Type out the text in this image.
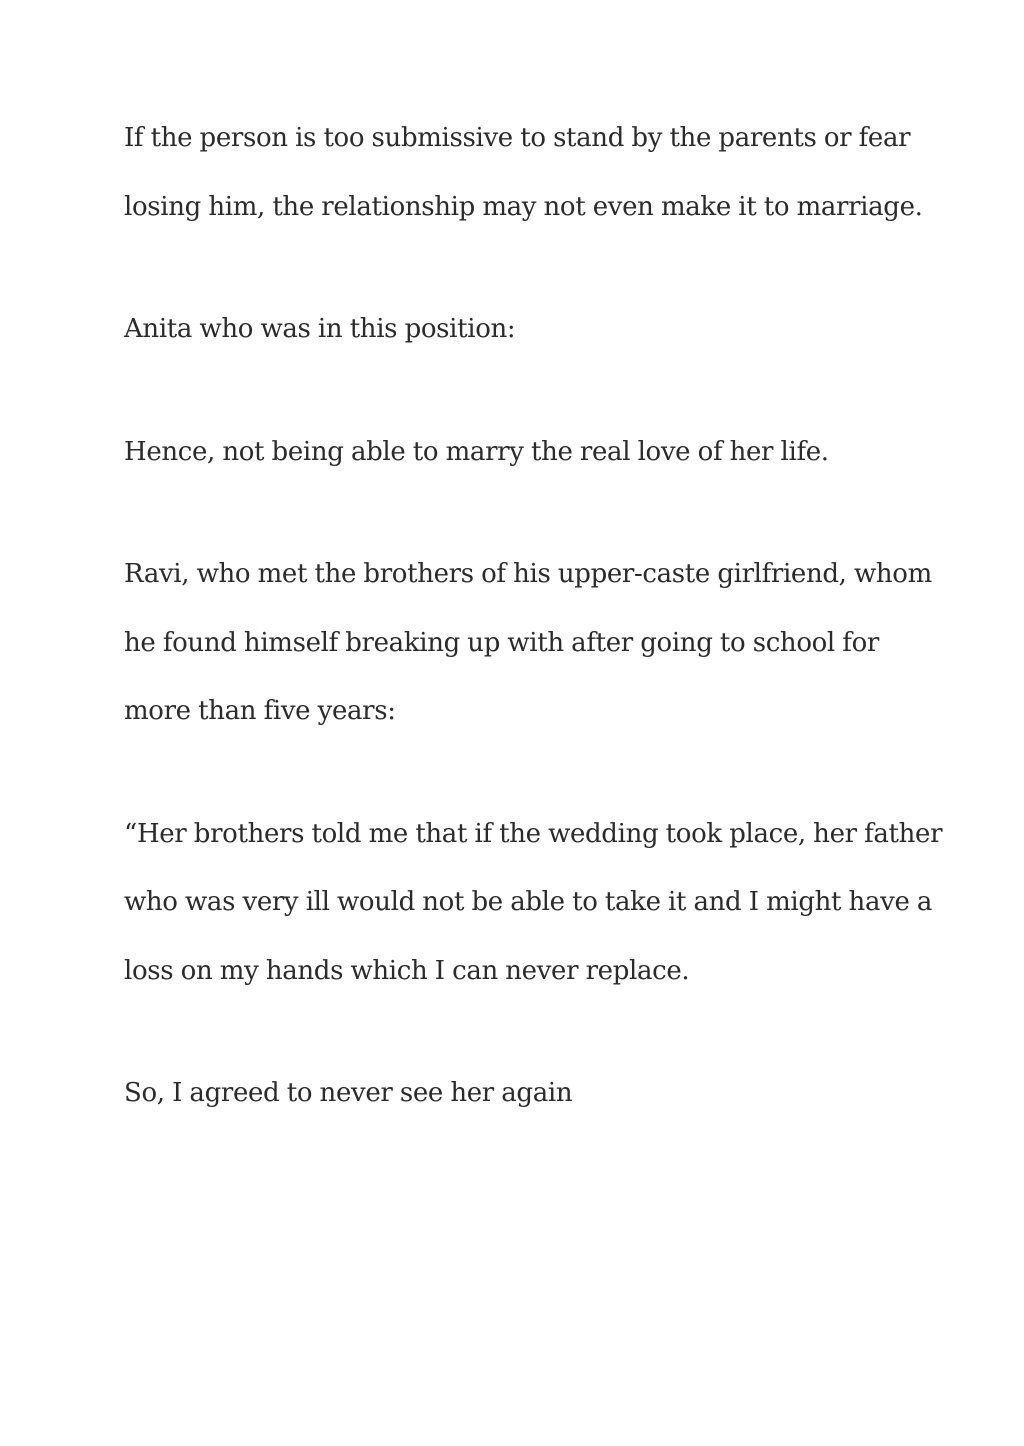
If the person is too submissive to stand by the parents or fear
losing him, the relationship may not even make it to marriage.

Anita who was in this position:

Hence, not being able to marry the real love of her life.

Ravi, who met the brothers of his upper-caste girlfriend, whom
he found himself breaking up with after going to school for
more than five years:

“Her brothers told me that if the wedding took place, her father
who was very ill would not be able to take it and I might have a
loss on my hands which I can never replace.

So, I agreed to never see her again
